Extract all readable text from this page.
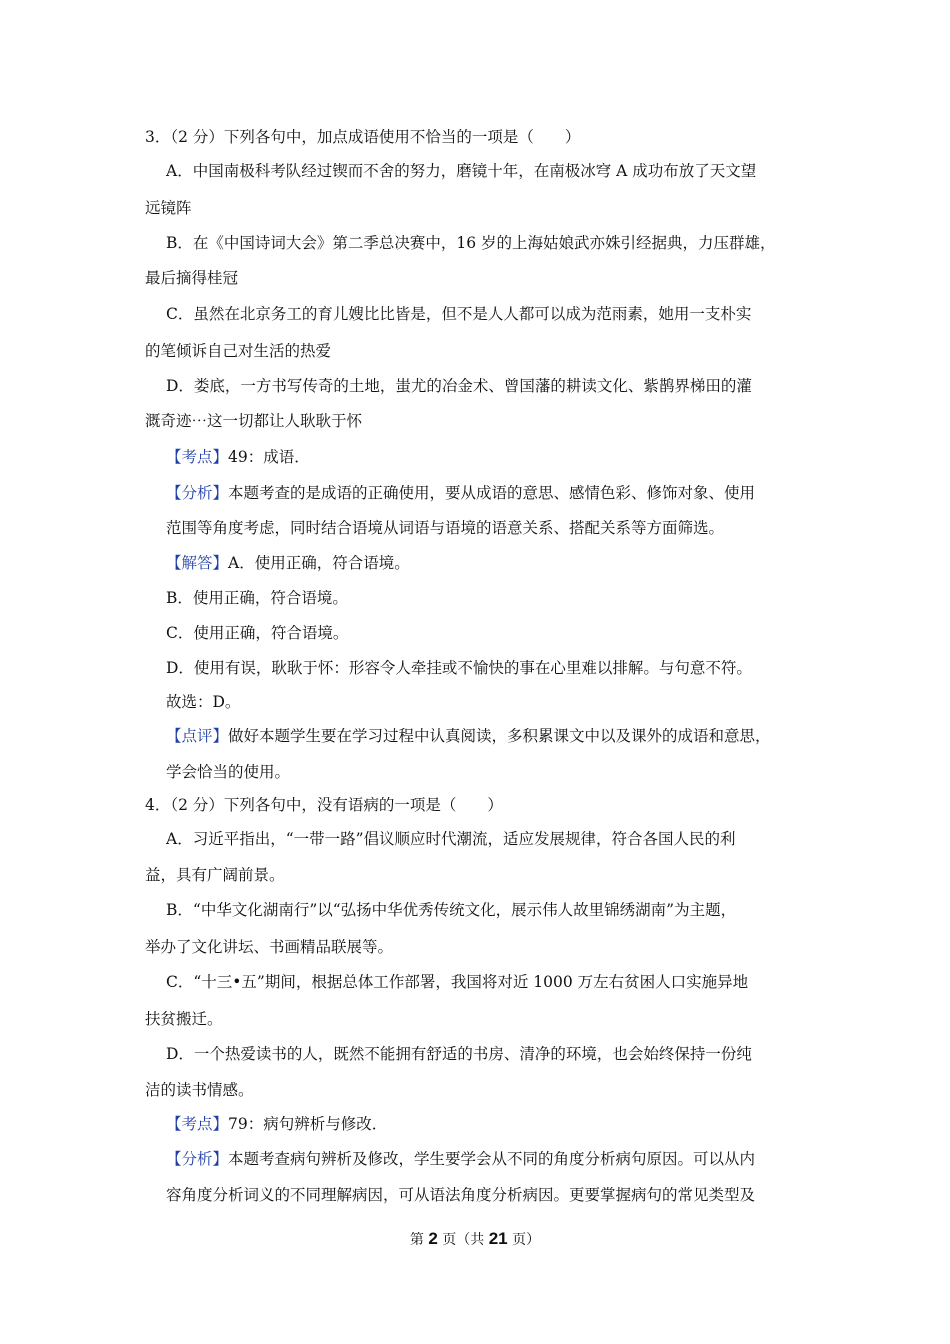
3．（2 分）下列各句中，加点成语使用不恰当的一项是（　　）
A．中国南极科考队经过锲而不舍的努力，磨镜十年，在南极冰穹 A 成功布放了天文望
远镜阵
B．在《中国诗词大会》第二季总决赛中，16 岁的上海姑娘武亦姝引经据典，力压群雄，
最后摘得桂冠
C．虽然在北京务工的育儿嫂比比皆是，但不是人人都可以成为范雨素，她用一支朴实
的笔倾诉自己对生活的热爱
D．娄底，一方书写传奇的土地，蚩尤的冶金术、曾国藩的耕读文化、紫鹊界梯田的灌
溉奇迹⋯这一切都让人耿耿于怀
【考点】49：成语．
【分析】本题考查的是成语的正确使用，要从成语的意思、感情色彩、修饰对象、使用
范围等角度考虑，同时结合语境从词语与语境的语意关系、搭配关系等方面筛选。
【解答】A．使用正确，符合语境。
B．使用正确，符合语境。
C．使用正确，符合语境。
D．使用有误，耿耿于怀：形容令人牵挂或不愉快的事在心里难以排解。与句意不符。
故选：D。
【点评】做好本题学生要在学习过程中认真阅读，多积累课文中以及课外的成语和意思，
学会恰当的使用。
4．（2 分）下列各句中，没有语病的一项是（　　）
A．习近平指出，“一带一路”倡议顺应时代潮流，适应发展规律，符合各国人民的利
益，具有广阔前景。
B．“中华文化湖南行”以“弘扬中华优秀传统文化，展示伟人故里锦绣湖南”为主题，
举办了文化讲坛、书画精品联展等。
C．“十三•五”期间，根据总体工作部署，我国将对近 1000 万左右贫困人口实施异地
扶贫搬迁。
D．一个热爱读书的人，既然不能拥有舒适的书房、清净的环境，也会始终保持一份纯
洁的读书情感。
【考点】79：病句辨析与修改．
【分析】本题考查病句辨析及修改，学生要学会从不同的角度分析病句原因。可以从内
容角度分析词义的不同理解病因，可从语法角度分析病因。更要掌握病句的常见类型及
第 2 页（共 21 页）
